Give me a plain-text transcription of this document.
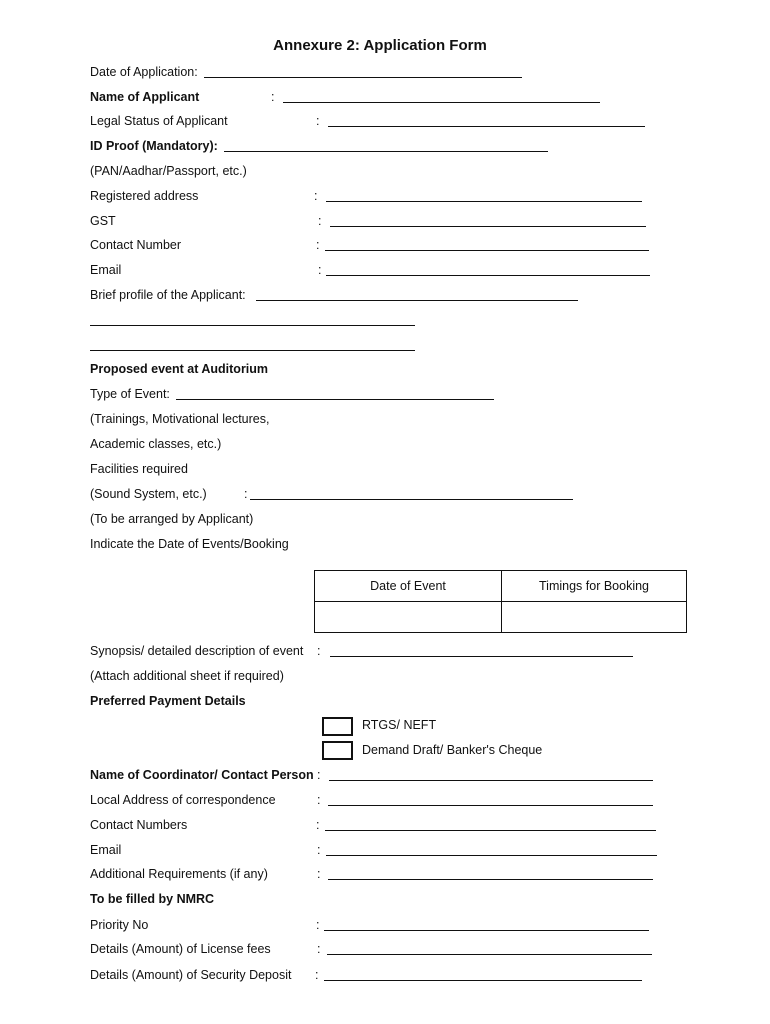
Annexure 2: Application Form
Date of Application:
Name of Applicant	:
Legal Status of Applicant	:
ID Proof (Mandatory):
(PAN/Aadhar/Passport, etc.)
Registered address	:
GST	:
Contact Number	:
Email	:
Brief profile of the Applicant:
Proposed event at Auditorium
Type of Event:
(Trainings, Motivational lectures,
Academic classes, etc.)
Facilities required
(Sound System, etc.)	:
(To be arranged by Applicant)
Indicate the Date of Events/Booking
Date of Event	Timings for Booking

Synopsis/ detailed description of event :
(Attach additional sheet if required)
Preferred Payment Details
RTGS/ NEFT
Demand Draft/ Banker's Cheque
Name of Coordinator/ Contact Person :
Local Address of correspondence	:
Contact Numbers	:
Email	:
Additional Requirements (if any)	:
To be filled by NMRC
Priority No	:
Details (Amount) of License fees	:
Details (Amount) of Security Deposit :
